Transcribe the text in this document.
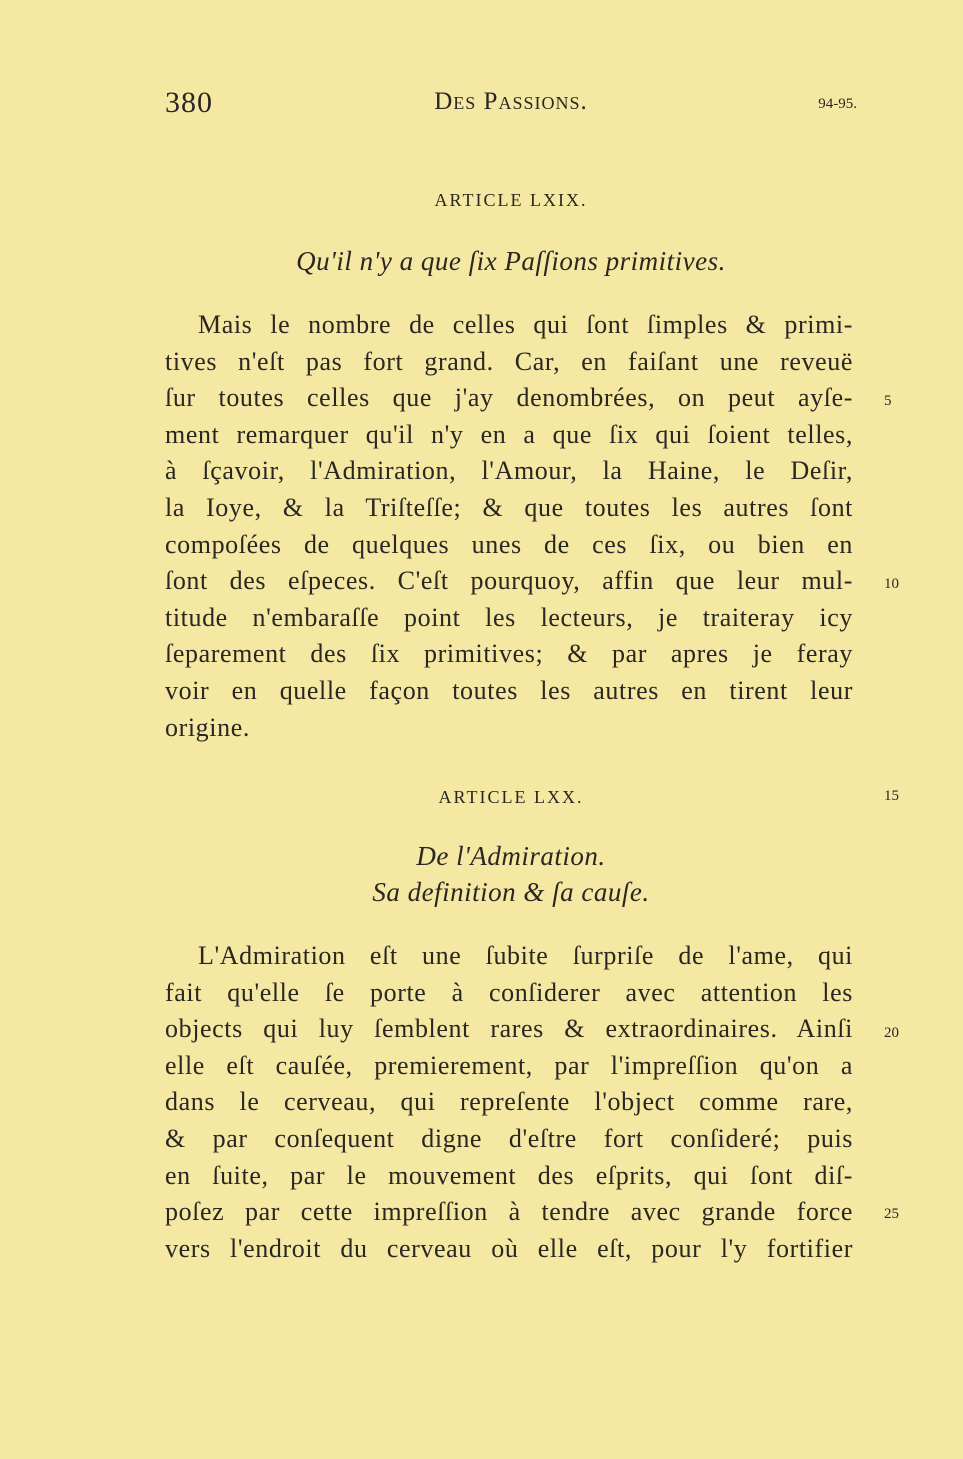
380	Des Passions.	94-95.
ARTICLE LXIX.
Qu'il n'y a que ſix Paſſions primitives.
Mais le nombre de celles qui ſont ſimples & primi-
tives n'eſt pas fort grand. Car, en faiſant une reveuë
ſur toutes celles que j'ay denombrées, on peut ayſe-
ment remarquer qu'il n'y en a que ſix qui ſoient telles,
à ſçavoir, l'Admiration, l'Amour, la Haine, le Deſir,
la Ioye, & la Triſteſſe; & que toutes les autres ſont
compoſées de quelques unes de ces ſix, ou bien en
ſont des eſpeces. C'eſt pourquoy, affin que leur mul-
titude n'embaraſſe point les lecteurs, je traiteray icy
ſeparement des ſix primitives; & par apres je feray
voir en quelle façon toutes les autres en tirent leur
origine.
ARTICLE LXX.
De l'Admiration.
Sa definition & ſa cauſe.
L'Admiration eſt une ſubite ſurpriſe de l'ame, qui
fait qu'elle ſe porte à conſiderer avec attention les
objects qui luy ſemblent rares & extraordinaires. Ainſi
elle eſt cauſée, premierement, par l'impreſſion qu'on a
dans le cerveau, qui repreſente l'object comme rare,
& par conſequent digne d'eſtre fort conſideré; puis
en ſuite, par le mouvement des eſprits, qui ſont diſ-
poſez par cette impreſſion à tendre avec grande force
vers l'endroit du cerveau où elle eſt, pour l'y fortifier
5
10
15
20
25
